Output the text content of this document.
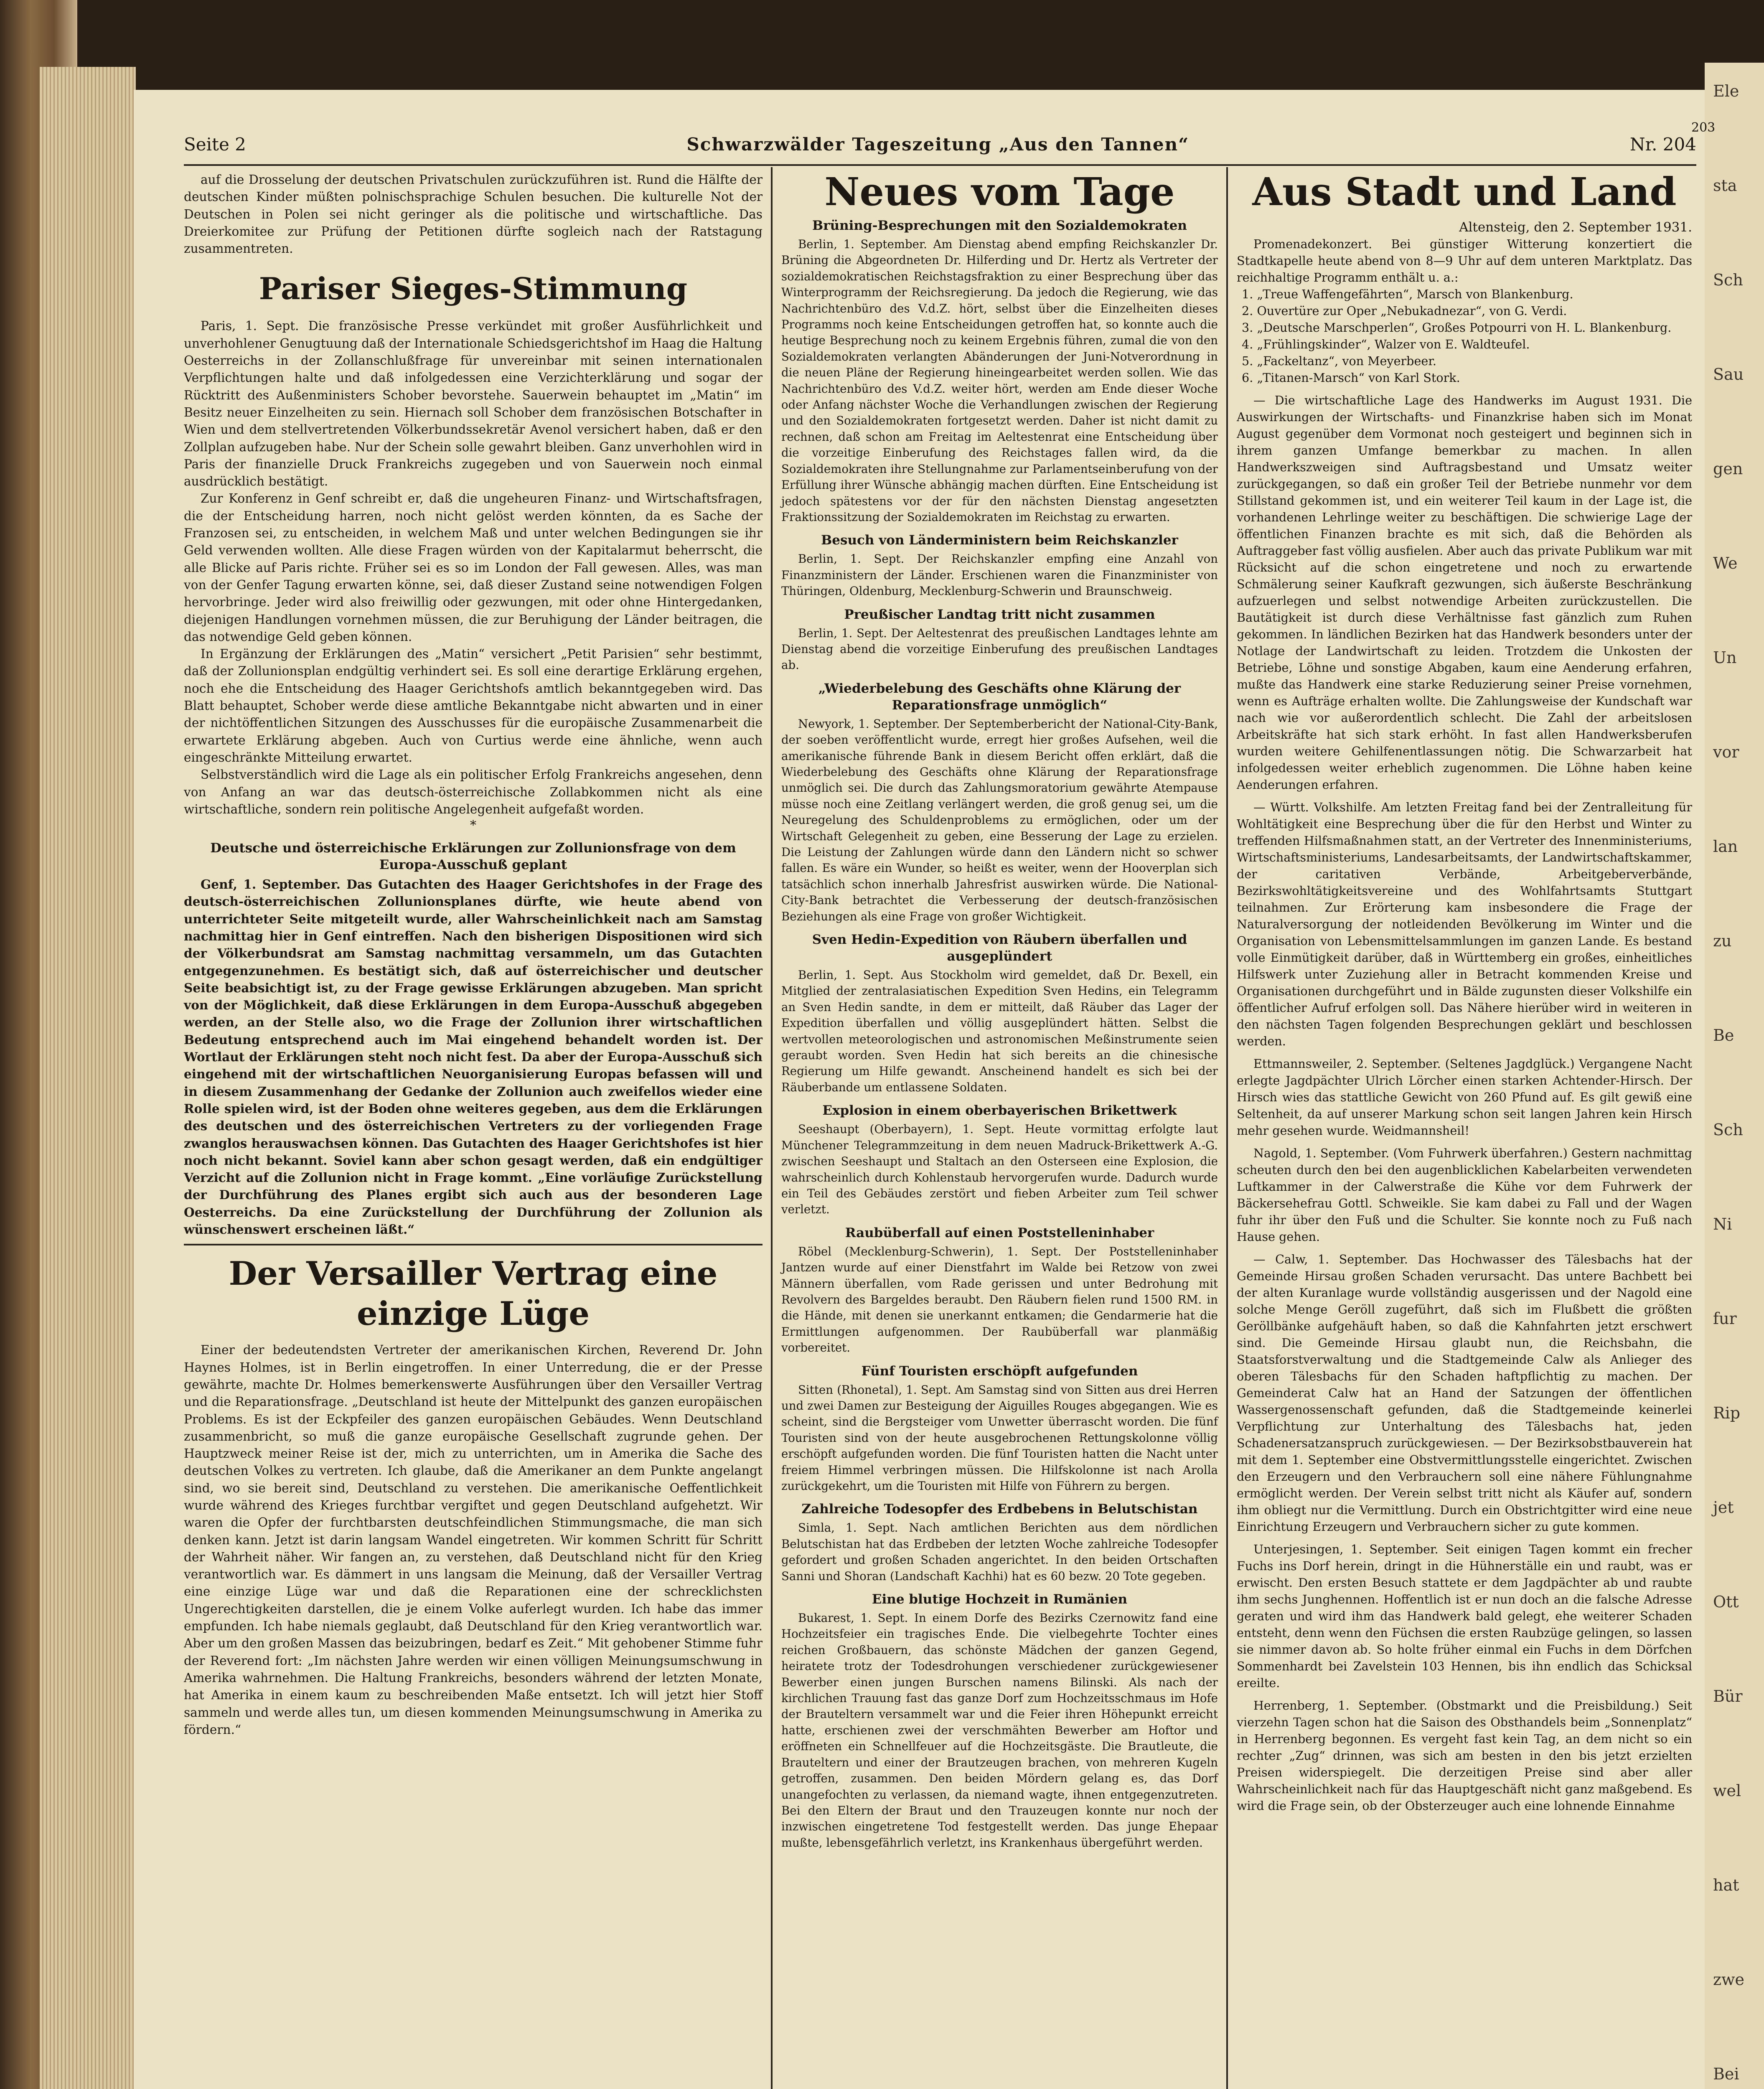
Ele
sta
Sch
Sau
gen
We
Un
vor
lan
zu
Be
Sch
Ni
fur
Rip
jet
Ott
Bür
wel
hat
zwe
Bei
Seite 2	Schwarzwälder Tageszeitung „Aus den Tannen“	Nr. 204
203

auf die Drosselung der deutschen Privatschulen zurückzuführen ist. Rund die Hälfte der deutschen Kinder müßten polnischsprachige Schulen besuchen. Die kulturelle Not der Deutschen in Polen sei nicht geringer als die politische und wirtschaftliche. Das Dreierkomitee zur Prüfung der Petitionen dürfte sogleich nach der Ratstagung zusammentreten.

Pariser Sieges-Stimmung

Paris, 1. Sept. Die französische Presse verkündet mit großer Ausführlichkeit und unverhohlener Genugtuung daß der Internationale Schiedsgerichtshof im Haag die Haltung Oesterreichs in der Zollanschlußfrage für unvereinbar mit seinen internationalen Verpflichtungen halte und daß infolgedessen eine Verzichterklärung und sogar der Rücktritt des Außenministers Schober bevorstehe. Sauerwein behauptet im „Matin“ im Besitz neuer Einzelheiten zu sein. Hiernach soll Schober dem französischen Botschafter in Wien und dem stellvertretenden Völkerbundssekretär Avenol versichert haben, daß er den Zollplan aufzugeben habe. Nur der Schein solle gewahrt bleiben. Ganz unverhohlen wird in Paris der finanzielle Druck Frankreichs zugegeben und von Sauerwein noch einmal ausdrücklich bestätigt.

Zur Konferenz in Genf schreibt er, daß die ungeheuren Finanz- und Wirtschaftsfragen, die der Entscheidung harren, noch nicht gelöst werden könnten, da es Sache der Franzosen sei, zu entscheiden, in welchem Maß und unter welchen Bedingungen sie ihr Geld verwenden wollten. Alle diese Fragen würden von der Kapitalarmut beherrscht, die alle Blicke auf Paris richte. Früher sei es so im London der Fall gewesen. Alles, was man von der Genfer Tagung erwarten könne, sei, daß dieser Zustand seine notwendigen Folgen hervorbringe. Jeder wird also freiwillig oder gezwungen, mit oder ohne Hintergedanken, diejenigen Handlungen vornehmen müssen, die zur Beruhigung der Länder beitragen, die das notwendige Geld geben können.

In Ergänzung der Erklärungen des „Matin“ versichert „Petit Parisien“ sehr bestimmt, daß der Zollunionsplan endgültig verhindert sei. Es soll eine derartige Erklärung ergehen, noch ehe die Entscheidung des Haager Gerichtshofs amtlich bekanntgegeben wird. Das Blatt behauptet, Schober werde diese amtliche Bekanntgabe nicht abwarten und in einer der nichtöffentlichen Sitzungen des Ausschusses für die europäische Zusammenarbeit die erwartete Erklärung abgeben. Auch von Curtius werde eine ähnliche, wenn auch eingeschränkte Mitteilung erwartet.

Selbstverständlich wird die Lage als ein politischer Erfolg Frankreichs angesehen, denn von Anfang an war das deutsch-österreichische Zollabkommen nicht als eine wirtschaftliche, sondern rein politische Angelegenheit aufgefaßt worden.

*
Deutsche und österreichische Erklärungen zur Zollunionsfrage von dem Europa-Ausschuß geplant

Genf, 1. September. Das Gutachten des Haager Gerichtshofes in der Frage des deutsch-österreichischen Zollunionsplanes dürfte, wie heute abend von unterrichteter Seite mitgeteilt wurde, aller Wahrscheinlichkeit nach am Samstag nachmittag hier in Genf eintreffen. Nach den bisherigen Dispositionen wird sich der Völkerbundsrat am Samstag nachmittag versammeln, um das Gutachten entgegenzunehmen. Es bestätigt sich, daß auf österreichischer und deutscher Seite beabsichtigt ist, zu der Frage gewisse Erklärungen abzugeben. Man spricht von der Möglichkeit, daß diese Erklärungen in dem Europa-Ausschuß abgegeben werden, an der Stelle also, wo die Frage der Zollunion ihrer wirtschaftlichen Bedeutung entsprechend auch im Mai eingehend behandelt worden ist. Der Wortlaut der Erklärungen steht noch nicht fest. Da aber der Europa-Ausschuß sich eingehend mit der wirtschaftlichen Neuorganisierung Europas befassen will und in diesem Zusammenhang der Gedanke der Zollunion auch zweifellos wieder eine Rolle spielen wird, ist der Boden ohne weiteres gegeben, aus dem die Erklärungen des deutschen und des österreichischen Vertreters zu der vorliegenden Frage zwanglos herauswachsen können. Das Gutachten des Haager Gerichtshofes ist hier noch nicht bekannt. Soviel kann aber schon gesagt werden, daß ein endgültiger Verzicht auf die Zollunion nicht in Frage kommt. „Eine vorläufige Zurückstellung der Durchführung des Planes ergibt sich auch aus der besonderen Lage Oesterreichs. Da eine Zurückstellung der Durchführung der Zollunion als wünschenswert erscheinen läßt.“

Der Versailler Vertrag eine einzige Lüge

Einer der bedeutendsten Vertreter der amerikanischen Kirchen, Reverend Dr. John Haynes Holmes, ist in Berlin eingetroffen. In einer Unterredung, die er der Presse gewährte, machte Dr. Holmes bemerkenswerte Ausführungen über den Versailler Vertrag und die Reparationsfrage. „Deutschland ist heute der Mittelpunkt des ganzen europäischen Problems. Es ist der Eckpfeiler des ganzen europäischen Gebäudes. Wenn Deutschland zusammenbricht, so muß die ganze europäische Gesellschaft zugrunde gehen. Der Hauptzweck meiner Reise ist der, mich zu unterrichten, um in Amerika die Sache des deutschen Volkes zu vertreten. Ich glaube, daß die Amerikaner an dem Punkte angelangt sind, wo sie bereit sind, Deutschland zu verstehen. Die amerikanische Oeffentlichkeit wurde während des Krieges furchtbar vergiftet und gegen Deutschland aufgehetzt. Wir waren die Opfer der furchtbarsten deutschfeindlichen Stimmungsmache, die man sich denken kann. Jetzt ist darin langsam Wandel eingetreten. Wir kommen Schritt für Schritt der Wahrheit näher. Wir fangen an, zu verstehen, daß Deutschland nicht für den Krieg verantwortlich war. Es dämmert in uns langsam die Meinung, daß der Versailler Vertrag eine einzige Lüge war und daß die Reparationen eine der schrecklichsten Ungerechtigkeiten darstellen, die je einem Volke auferlegt wurden. Ich habe das immer empfunden. Ich habe niemals geglaubt, daß Deutschland für den Krieg verantwortlich war. Aber um den großen Massen das beizubringen, bedarf es Zeit.“ Mit gehobener Stimme fuhr der Reverend fort: „Im nächsten Jahre werden wir einen völligen Meinungsumschwung in Amerika wahrnehmen. Die Haltung Frankreichs, besonders während der letzten Monate, hat Amerika in einem kaum zu beschreibenden Maße entsetzt. Ich will jetzt hier Stoff sammeln und werde alles tun, um diesen kommenden Meinungsumschwung in Amerika zu fördern.“

Neues vom Tage
Brüning-Besprechungen mit den Sozialdemokraten

Berlin, 1. September. Am Dienstag abend empfing Reichskanzler Dr. Brüning die Abgeordneten Dr. Hilferding und Dr. Hertz als Vertreter der sozialdemokratischen Reichstagsfraktion zu einer Besprechung über das Winterprogramm der Reichsregierung. Da jedoch die Regierung, wie das Nachrichtenbüro des V.d.Z. hört, selbst über die Einzelheiten dieses Programms noch keine Entscheidungen getroffen hat, so konnte auch die heutige Besprechung noch zu keinem Ergebnis führen, zumal die von den Sozialdemokraten verlangten Abänderungen der Juni-Notverordnung in die neuen Pläne der Regierung hineingearbeitet werden sollen. Wie das Nachrichtenbüro des V.d.Z. weiter hört, werden am Ende dieser Woche oder Anfang nächster Woche die Verhandlungen zwischen der Regierung und den Sozialdemokraten fortgesetzt werden. Daher ist nicht damit zu rechnen, daß schon am Freitag im Aeltestenrat eine Entscheidung über die vorzeitige Einberufung des Reichstages fallen wird, da die Sozialdemokraten ihre Stellungnahme zur Parlamentseinberufung von der Erfüllung ihrer Wünsche abhängig machen dürften. Eine Entscheidung ist jedoch spätestens vor der für den nächsten Dienstag angesetzten Fraktionssitzung der Sozialdemokraten im Reichstag zu erwarten.

Besuch von Länderministern beim Reichskanzler

Berlin, 1. Sept. Der Reichskanzler empfing eine Anzahl von Finanzministern der Länder. Erschienen waren die Finanzminister von Thüringen, Oldenburg, Mecklenburg-Schwerin und Braunschweig.

Preußischer Landtag tritt nicht zusammen

Berlin, 1. Sept. Der Aeltestenrat des preußischen Landtages lehnte am Dienstag abend die vorzeitige Einberufung des preußischen Landtages ab.

„Wiederbelebung des Geschäfts ohne Klärung der Reparationsfrage unmöglich“

Newyork, 1. September. Der Septemberbericht der National-City-Bank, der soeben veröffentlicht wurde, erregt hier großes Aufsehen, weil die amerikanische führende Bank in diesem Bericht offen erklärt, daß die Wiederbelebung des Geschäfts ohne Klärung der Reparationsfrage unmöglich sei. Die durch das Zahlungsmoratorium gewährte Atempause müsse noch eine Zeitlang verlängert werden, die groß genug sei, um die Neuregelung des Schuldenproblems zu ermöglichen, oder um der Wirtschaft Gelegenheit zu geben, eine Besserung der Lage zu erzielen. Die Leistung der Zahlungen würde dann den Ländern nicht so schwer fallen. Es wäre ein Wunder, so heißt es weiter, wenn der Hooverplan sich tatsächlich schon innerhalb Jahresfrist auswirken würde. Die National-City-Bank betrachtet die Verbesserung der deutsch-französischen Beziehungen als eine Frage von großer Wichtigkeit.

Sven Hedin-Expedition von Räubern überfallen und ausgeplündert

Berlin, 1. Sept. Aus Stockholm wird gemeldet, daß Dr. Bexell, ein Mitglied der zentralasiatischen Expedition Sven Hedins, ein Telegramm an Sven Hedin sandte, in dem er mitteilt, daß Räuber das Lager der Expedition überfallen und völlig ausgeplündert hätten. Selbst die wertvollen meteorologischen und astronomischen Meßinstrumente seien geraubt worden. Sven Hedin hat sich bereits an die chinesische Regierung um Hilfe gewandt. Anscheinend handelt es sich bei der Räuberbande um entlassene Soldaten.

Explosion in einem oberbayerischen Brikettwerk

Seeshaupt (Oberbayern), 1. Sept. Heute vormittag erfolgte laut Münchener Telegrammzeitung in dem neuen Madruck-Brikettwerk A.-G. zwischen Seeshaupt und Staltach an den Osterseen eine Explosion, die wahrscheinlich durch Kohlenstaub hervorgerufen wurde. Dadurch wurde ein Teil des Gebäudes zerstört und fieben Arbeiter zum Teil schwer verletzt.

Raubüberfall auf einen Poststelleninhaber

Röbel (Mecklenburg-Schwerin), 1. Sept. Der Poststelleninhaber Jantzen wurde auf einer Dienstfahrt im Walde bei Retzow von zwei Männern überfallen, vom Rade gerissen und unter Bedrohung mit Revolvern des Bargeldes beraubt. Den Räubern fielen rund 1500 RM. in die Hände, mit denen sie unerkannt entkamen; die Gendarmerie hat die Ermittlungen aufgenommen. Der Raubüberfall war planmäßig vorbereitet.

Fünf Touristen erschöpft aufgefunden

Sitten (Rhonetal), 1. Sept. Am Samstag sind von Sitten aus drei Herren und zwei Damen zur Besteigung der Aiguilles Rouges abgegangen. Wie es scheint, sind die Bergsteiger vom Unwetter überrascht worden. Die fünf Touristen sind von der heute ausgebrochenen Rettungskolonne völlig erschöpft aufgefunden worden. Die fünf Touristen hatten die Nacht unter freiem Himmel verbringen müssen. Die Hilfskolonne ist nach Arolla zurückgekehrt, um die Touristen mit Hilfe von Führern zu bergen.

Zahlreiche Todesopfer des Erdbebens in Belutschistan

Simla, 1. Sept. Nach amtlichen Berichten aus dem nördlichen Belutschistan hat das Erdbeben der letzten Woche zahlreiche Todesopfer gefordert und großen Schaden angerichtet. In den beiden Ortschaften Sanni und Shoran (Landschaft Kachhi) hat es 60 bezw. 20 Tote gegeben.

Eine blutige Hochzeit in Rumänien

Bukarest, 1. Sept. In einem Dorfe des Bezirks Czernowitz fand eine Hochzeitsfeier ein tragisches Ende. Die vielbegehrte Tochter eines reichen Großbauern, das schönste Mädchen der ganzen Gegend, heiratete trotz der Todesdrohungen verschiedener zurückgewiesener Bewerber einen jungen Burschen namens Bilinski. Als nach der kirchlichen Trauung fast das ganze Dorf zum Hochzeitsschmaus im Hofe der Brauteltern versammelt war und die Feier ihren Höhepunkt erreicht hatte, erschienen zwei der verschmähten Bewerber am Hoftor und eröffneten ein Schnellfeuer auf die Hochzeitsgäste. Die Brautleute, die Brauteltern und einer der Brautzeugen brachen, von mehreren Kugeln getroffen, zusammen. Den beiden Mördern gelang es, das Dorf unangefochten zu verlassen, da niemand wagte, ihnen entgegenzutreten. Bei den Eltern der Braut und den Trauzeugen konnte nur noch der inzwischen eingetretene Tod festgestellt werden. Das junge Ehepaar mußte, lebensgefährlich verletzt, ins Krankenhaus übergeführt werden.

Aus Stadt und Land

Altensteig, den 2. September 1931.

Promenadekonzert. Bei günstiger Witterung konzertiert die Stadtkapelle heute abend von 8—9 Uhr auf dem unteren Marktplatz. Das reichhaltige Programm enthält u. a.:

1. „Treue Waffengefährten“, Marsch von Blankenburg.
2. Ouvertüre zur Oper „Nebukadnezar“, von G. Verdi.
3. „Deutsche Marschperlen“, Großes Potpourri von H. L. Blankenburg.
4. „Frühlingskinder“, Walzer von E. Waldteufel.
5. „Fackeltanz“, von Meyerbeer.
6. „Titanen-Marsch“ von Karl Stork.

— Die wirtschaftliche Lage des Handwerks im August 1931. Die Auswirkungen der Wirtschafts- und Finanzkrise haben sich im Monat August gegenüber dem Vormonat noch gesteigert und beginnen sich in ihrem ganzen Umfange bemerkbar zu machen. In allen Handwerkszweigen sind Auftragsbestand und Umsatz weiter zurückgegangen, so daß ein großer Teil der Betriebe nunmehr vor dem Stillstand gekommen ist, und ein weiterer Teil kaum in der Lage ist, die vorhandenen Lehrlinge weiter zu beschäftigen. Die schwierige Lage der öffentlichen Finanzen brachte es mit sich, daß die Behörden als Auftraggeber fast völlig ausfielen. Aber auch das private Publikum war mit Rücksicht auf die schon eingetretene und noch zu erwartende Schmälerung seiner Kaufkraft gezwungen, sich äußerste Beschränkung aufzuerlegen und selbst notwendige Arbeiten zurückzustellen. Die Bautätigkeit ist durch diese Verhältnisse fast gänzlich zum Ruhen gekommen. In ländlichen Bezirken hat das Handwerk besonders unter der Notlage der Landwirtschaft zu leiden. Trotzdem die Unkosten der Betriebe, Löhne und sonstige Abgaben, kaum eine Aenderung erfahren, mußte das Handwerk eine starke Reduzierung seiner Preise vornehmen, wenn es Aufträge erhalten wollte. Die Zahlungsweise der Kundschaft war nach wie vor außerordentlich schlecht. Die Zahl der arbeitslosen Arbeitskräfte hat sich stark erhöht. In fast allen Handwerksberufen wurden weitere Gehilfenentlassungen nötig. Die Schwarzarbeit hat infolgedessen weiter erheblich zugenommen. Die Löhne haben keine Aenderungen erfahren.

— Württ. Volkshilfe. Am letzten Freitag fand bei der Zentralleitung für Wohltätigkeit eine Besprechung über die für den Herbst und Winter zu treffenden Hilfsmaßnahmen statt, an der Vertreter des Innenministeriums, Wirtschaftsministeriums, Landesarbeitsamts, der Landwirtschaftskammer, der caritativen Verbände, Arbeitgeberverbände, Bezirkswohltätigkeitsvereine und des Wohlfahrtsamts Stuttgart teilnahmen. Zur Erörterung kam insbesondere die Frage der Naturalversorgung der notleidenden Bevölkerung im Winter und die Organisation von Lebensmittelsammlungen im ganzen Lande. Es bestand volle Einmütigkeit darüber, daß in Württemberg ein großes, einheitliches Hilfswerk unter Zuziehung aller in Betracht kommenden Kreise und Organisationen durchgeführt und in Bälde zugunsten dieser Volkshilfe ein öffentlicher Aufruf erfolgen soll. Das Nähere hierüber wird in weiteren in den nächsten Tagen folgenden Besprechungen geklärt und beschlossen werden.

Ettmannsweiler, 2. September. (Seltenes Jagdglück.) Vergangene Nacht erlegte Jagdpächter Ulrich Lörcher einen starken Achtender-Hirsch. Der Hirsch wies das stattliche Gewicht von 260 Pfund auf. Es gilt gewiß eine Seltenheit, da auf unserer Markung schon seit langen Jahren kein Hirsch mehr gesehen wurde. Weidmannsheil!

Nagold, 1. September. (Vom Fuhrwerk überfahren.) Gestern nachmittag scheuten durch den bei den augenblicklichen Kabelarbeiten verwendeten Luftkammer in der Calwerstraße die Kühe vor dem Fuhrwerk der Bäckersehefrau Gottl. Schweikle. Sie kam dabei zu Fall und der Wagen fuhr ihr über den Fuß und die Schulter. Sie konnte noch zu Fuß nach Hause gehen.

— Calw, 1. September. Das Hochwasser des Tälesbachs hat der Gemeinde Hirsau großen Schaden verursacht. Das untere Bachbett bei der alten Kuranlage wurde vollständig ausgerissen und der Nagold eine solche Menge Geröll zugeführt, daß sich im Flußbett die größten Geröllbänke aufgehäuft haben, so daß die Kahnfahrten jetzt erschwert sind. Die Gemeinde Hirsau glaubt nun, die Reichsbahn, die Staatsforstverwaltung und die Stadtgemeinde Calw als Anlieger des oberen Tälesbachs für den Schaden haftpflichtig zu machen. Der Gemeinderat Calw hat an Hand der Satzungen der öffentlichen Wassergenossenschaft gefunden, daß die Stadtgemeinde keinerlei Verpflichtung zur Unterhaltung des Tälesbachs hat, jeden Schadenersatzanspruch zurückgewiesen. — Der Bezirksobstbauverein hat mit dem 1. September eine Obstvermittlungsstelle eingerichtet. Zwischen den Erzeugern und den Verbrauchern soll eine nähere Fühlungnahme ermöglicht werden. Der Verein selbst tritt nicht als Käufer auf, sondern ihm obliegt nur die Vermittlung. Durch ein Obstrichtgitter wird eine neue Einrichtung Erzeugern und Verbrauchern sicher zu gute kommen.

Unterjesingen, 1. September. Seit einigen Tagen kommt ein frecher Fuchs ins Dorf herein, dringt in die Hühnerställe ein und raubt, was er erwischt. Den ersten Besuch stattete er dem Jagdpächter ab und raubte ihm sechs Junghennen. Hoffentlich ist er nun doch an die falsche Adresse geraten und wird ihm das Handwerk bald gelegt, ehe weiterer Schaden entsteht, denn wenn den Füchsen die ersten Raubzüge gelingen, so lassen sie nimmer davon ab. So holte früher einmal ein Fuchs in dem Dörfchen Sommenhardt bei Zavelstein 103 Hennen, bis ihn endlich das Schicksal ereilte.

Herrenberg, 1. September. (Obstmarkt und die Preisbildung.) Seit vierzehn Tagen schon hat die Saison des Obsthandels beim „Sonnenplatz“ in Herrenberg begonnen. Es vergeht fast kein Tag, an dem nicht so ein rechter „Zug“ drinnen, was sich am besten in den bis jetzt erzielten Preisen widerspiegelt. Die derzeitigen Preise sind aber aller Wahrscheinlichkeit nach für das Hauptgeschäft nicht ganz maßgebend. Es wird die Frage sein, ob der Obsterzeuger auch eine lohnende Einnahme
